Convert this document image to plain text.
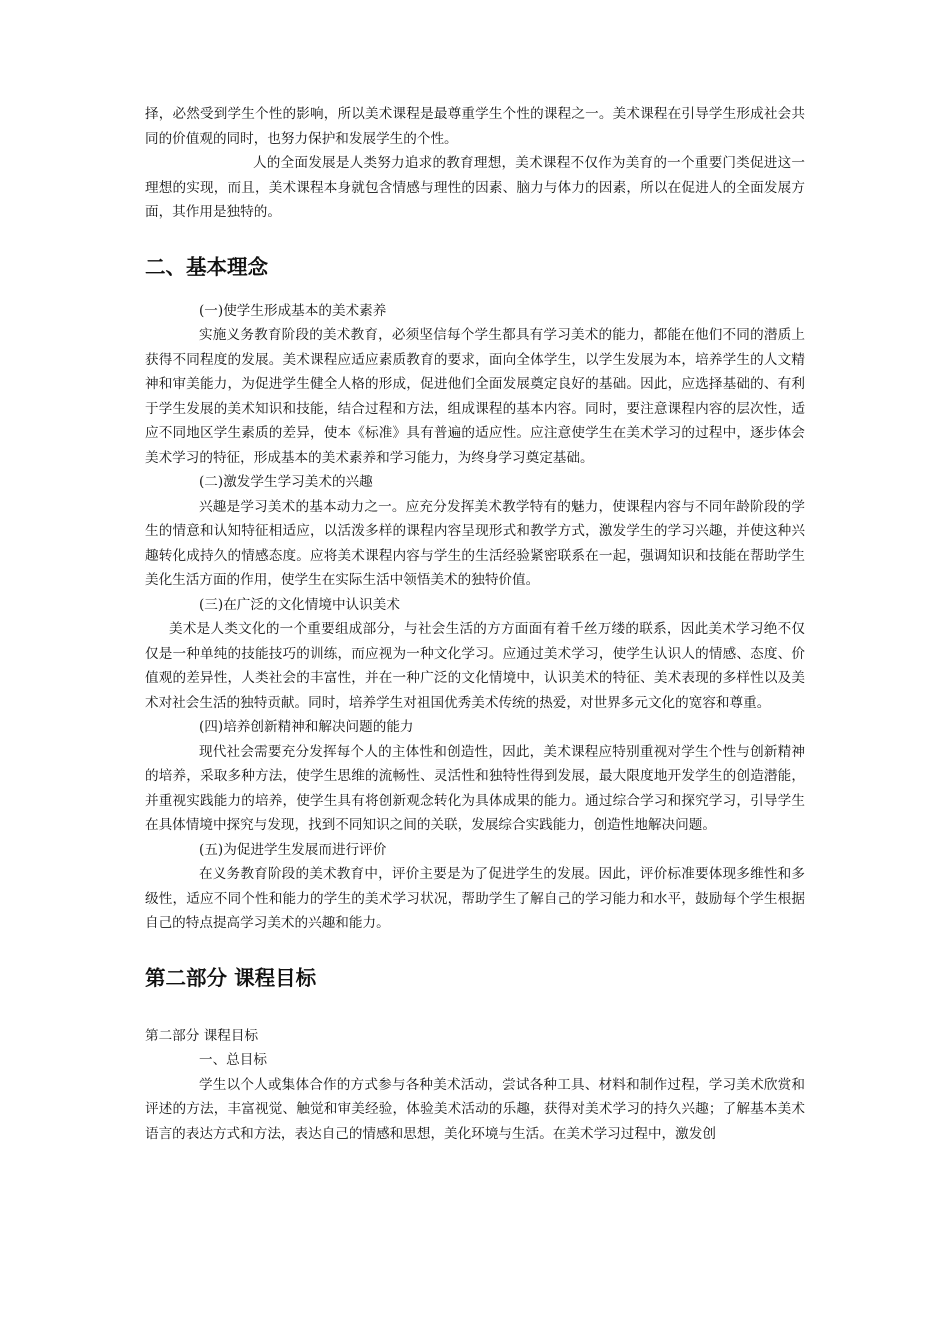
择，必然受到学生个性的影响，所以美术课程是最尊重学生个性的课程之一。美术课程在引导学生形成社会共同的价值观的同时，也努力保护和发展学生的个性。

人的全面发展是人类努力追求的教育理想，美术课程不仅作为美育的一个重要门类促进这一理想的实现，而且，美术课程本身就包含情感与理性的因素、脑力与体力的因素，所以在促进人的全面发展方面，其作用是独特的。

二、基本理念

(一)使学生形成基本的美术素养

实施义务教育阶段的美术教育，必须坚信每个学生都具有学习美术的能力，都能在他们不同的潜质上获得不同程度的发展。美术课程应适应素质教育的要求，面向全体学生，以学生发展为本，培养学生的人文精神和审美能力，为促进学生健全人格的形成，促进他们全面发展奠定良好的基础。因此，应选择基础的、有利于学生发展的美术知识和技能，结合过程和方法，组成课程的基本内容。同时，要注意课程内容的层次性，适应不同地区学生素质的差异，使本《标准》具有普遍的适应性。应注意使学生在美术学习的过程中，逐步体会美术学习的特征，形成基本的美术素养和学习能力，为终身学习奠定基础。

(二)激发学生学习美术的兴趣

兴趣是学习美术的基本动力之一。应充分发挥美术教学特有的魅力，使课程内容与不同年龄阶段的学生的情意和认知特征相适应，以活泼多样的课程内容呈现形式和教学方式，激发学生的学习兴趣，并使这种兴趣转化成持久的情感态度。应将美术课程内容与学生的生活经验紧密联系在一起，强调知识和技能在帮助学生美化生活方面的作用，使学生在实际生活中领悟美术的独特价值。

(三)在广泛的文化情境中认识美术

美术是人类文化的一个重要组成部分，与社会生活的方方面面有着千丝万缕的联系，因此美术学习绝不仅仅是一种单纯的技能技巧的训练，而应视为一种文化学习。应通过美术学习，使学生认识人的情感、态度、价值观的差异性，人类社会的丰富性，并在一种广泛的文化情境中，认识美术的特征、美术表现的多样性以及美术对社会生活的独特贡献。同时，培养学生对祖国优秀美术传统的热爱，对世界多元文化的宽容和尊重。

(四)培养创新精神和解决问题的能力

现代社会需要充分发挥每个人的主体性和创造性，因此，美术课程应特别重视对学生个性与创新精神的培养，采取多种方法，使学生思维的流畅性、灵活性和独特性得到发展，最大限度地开发学生的创造潜能，并重视实践能力的培养，使学生具有将创新观念转化为具体成果的能力。通过综合学习和探究学习，引导学生在具体情境中探究与发现，找到不同知识之间的关联，发展综合实践能力，创造性地解决问题。

(五)为促进学生发展而进行评价

在义务教育阶段的美术教育中，评价主要是为了促进学生的发展。因此，评价标准要体现多维性和多级性，适应不同个性和能力的学生的美术学习状况，帮助学生了解自己的学习能力和水平，鼓励每个学生根据自己的特点提高学习美术的兴趣和能力。

第二部分 课程目标

第二部分 课程目标

一、总目标

学生以个人或集体合作的方式参与各种美术活动，尝试各种工具、材料和制作过程，学习美术欣赏和评述的方法，丰富视觉、触觉和审美经验，体验美术活动的乐趣，获得对美术学习的持久兴趣；了解基本美术语言的表达方式和方法，表达自己的情感和思想，美化环境与生活。在美术学习过程中，激发创
